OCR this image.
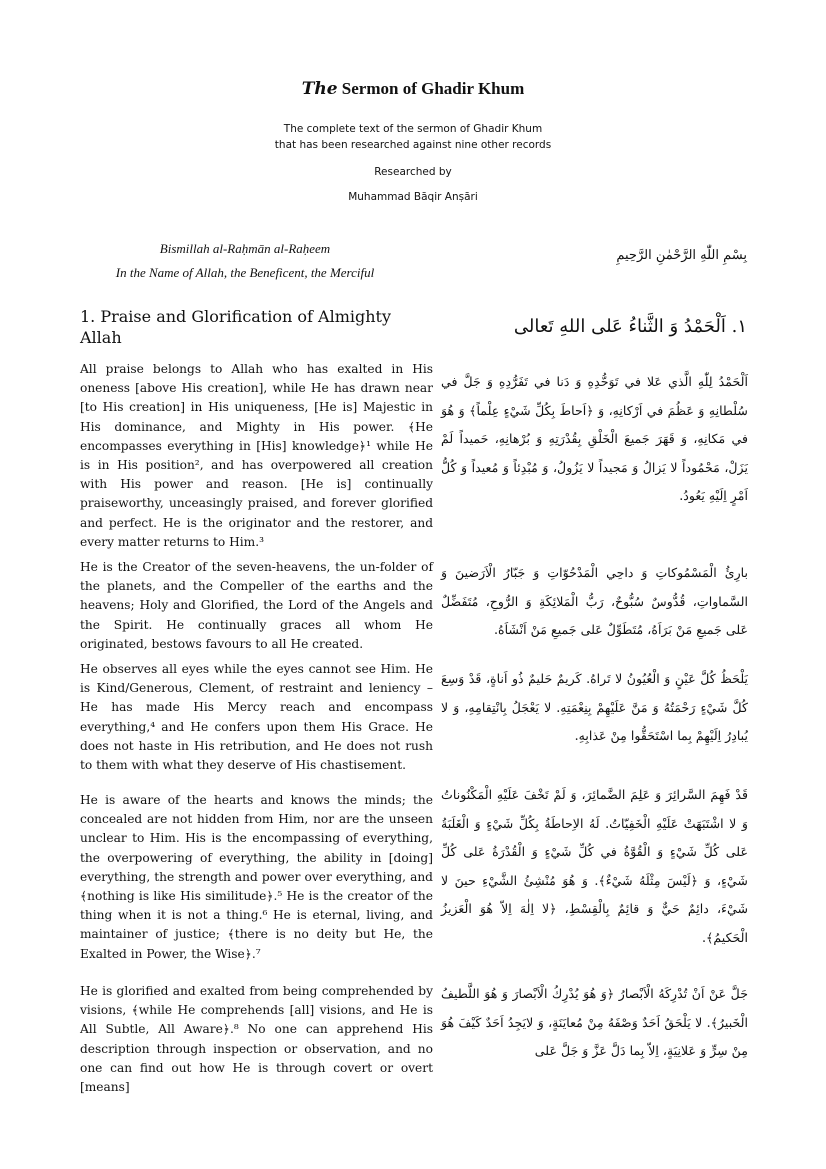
The Sermon of Ghadir Khum
The complete text of the sermon of Ghadir Khum
that has been researched against nine other records
Researched by
Muhammad Bāqir Anṣāri
Bismillah al-Raḥmān al-Raḥeem
In the Name of Allah, the Beneficent, the Merciful
بِسْمِ اللّٰهِ الرَّحْمٰنِ الرَّحِيمِ
1. Praise and Glorification of Almighty Allah
١. اَلْحَمْدُ وَ الثَّناءُ عَلى اللهِ تَعالى
All praise belongs to Allah who has exalted in His oneness [above His creation], while He has drawn near [to His creation] in His uniqueness, [He is] Majestic in His dominance, and Mighty in His power. ﴾He encompasses everything in [His] knowledge﴿¹ while He is in His position², and has overpowered all creation with His power and reason. [He is] continually praiseworthy, unceasingly praised, and forever glorified and perfect. He is the originator and the restorer, and every matter returns to Him.³
He is the Creator of the seven-heavens, the un-folder of the planets, and the Compeller of the earths and the heavens; Holy and Glorified, the Lord of the Angels and the Spirit. He continually graces all whom He originated, bestows favours to all He created.
He observes all eyes while the eyes cannot see Him. He is Kind/Generous, Clement, of restraint and leniency – He has made His Mercy reach and encompass everything,⁴ and He confers upon them His Grace. He does not haste in His retribution, and He does not rush to them with what they deserve of His chastisement.
He is aware of the hearts and knows the minds; the concealed are not hidden from Him, nor are the unseen unclear to Him. His is the encompassing of everything, the overpowering of everything, the ability in [doing] everything, the strength and power over everything, and ﴾nothing is like His similitude﴿.⁵ He is the creator of the thing when it is not a thing.⁶ He is eternal, living, and maintainer of justice; ﴾there is no deity but He, the Exalted in Power, the Wise﴿.⁷
He is glorified and exalted from being comprehended by visions, ﴾while He comprehends [all] visions, and He is All Subtle, All Aware﴿.⁸ No one can apprehend His description through inspection or observation, and no one can find out how He is through covert or overt [means]
اَلْحَمْدُ لِلّٰهِ الَّذي عَلا في تَوَحُّدِهِ وَ دَنا في تَفَرُّدِهِ وَ جَلَّ في سُلْطانِهِ وَ عَظُمَ في اَرْكانِهِ، وَ ﴿اَحاطَ بِكُلِّ شَيْءٍ عِلْماً﴾ وَ هُوَ في مَكانِهِ، وَ قَهَرَ جَميعَ الْخَلْقِ بِقُدْرَتِهِ وَ بُرْهانِهِ، حَميداً لَمْ يَزَلْ، مَحْمُوداً لا يَزالُ وَ مَجيداً لا يَزُولُ، وَ مُبْدِئاً وَ مُعيداً وَ كُلُّ اَمْرٍ اِلَيْهِ يَعُودُ.
بارِئُ الْمَسْمُوكاتِ وَ داحِي الْمَدْحُوّاتِ وَ جَبّارُ الْاَرَضينَ وَ السَّماواتِ، قُدُّوسٌ سُبُّوحٌ، رَبُّ الْمَلائِكَةِ وَ الرُّوحِ، مُتَفَضِّلٌ عَلى جَميعِ مَنْ بَرَاَهُ، مُتَطَوِّلٌ عَلى جَميعِ مَنْ اَنْشَاَهُ.
يَلْحَظُ كُلَّ عَيْنٍ وَ الْعُيُونُ لا تَراهُ. كَريمٌ حَليمٌ ذُو اَناةٍ، قَدْ وَسِعَ كُلَّ شَيْءٍ رَحْمَتُهُ وَ مَنَّ عَلَيْهِمْ بِنِعْمَتِهِ. لا يَعْجَلُ بِانْتِقامِهِ، وَ لا يُبادِرُ اِلَيْهِمْ بِما اسْتَحَقُّوا مِنْ عَذابِهِ.
قَدْ فَهِمَ السَّرائِرَ وَ عَلِمَ الضَّمائِرَ، وَ لَمْ تَخْفَ عَلَيْهِ الْمَكْنُوناتُ وَ لا اشْتَبَهَتْ عَلَيْهِ الْخَفِيّاتُ. لَهُ الاِحاطَةُ بِكُلِّ شَيْءٍ وَ الْغَلَبَةُ عَلى كُلِّ شَيْءٍ وَ الْقُوَّةُ في كُلِّ شَيْءٍ وَ الْقُدْرَةُ عَلى كُلِّ شَيْءٍ، وَ ﴿لَيْسَ مِثْلَهُ شَيْءٌ﴾. وَ هُوَ مُنْشِئُ الشَّيْءِ حينَ لا شَيْءَ، دائِمٌ حَيٌّ وَ قائِمٌ بِالْقِسْطِ، ﴿لا اِلٰهَ اِلاّ هُوَ الْعَزيزُ الْحَكيمُ﴾.
جَلَّ عَنْ اَنْ تُدْرِكَهُ الْاَبْصارُ ﴿وَ هُوَ يُدْرِكُ الْاَبْصارَ وَ هُوَ اللَّطيفُ الْخَبيرُ﴾. لا يَلْحَقُ اَحَدٌ وَصْفَهُ مِنْ مُعايَنَةٍ، وَ لايَجِدُ اَحَدٌ كَيْفَ هُوَ مِنْ سِرٍّ وَ عَلانِيَةٍ، اِلاّ بِما دَلَّ عَزَّ وَ جَلَّ عَلى
